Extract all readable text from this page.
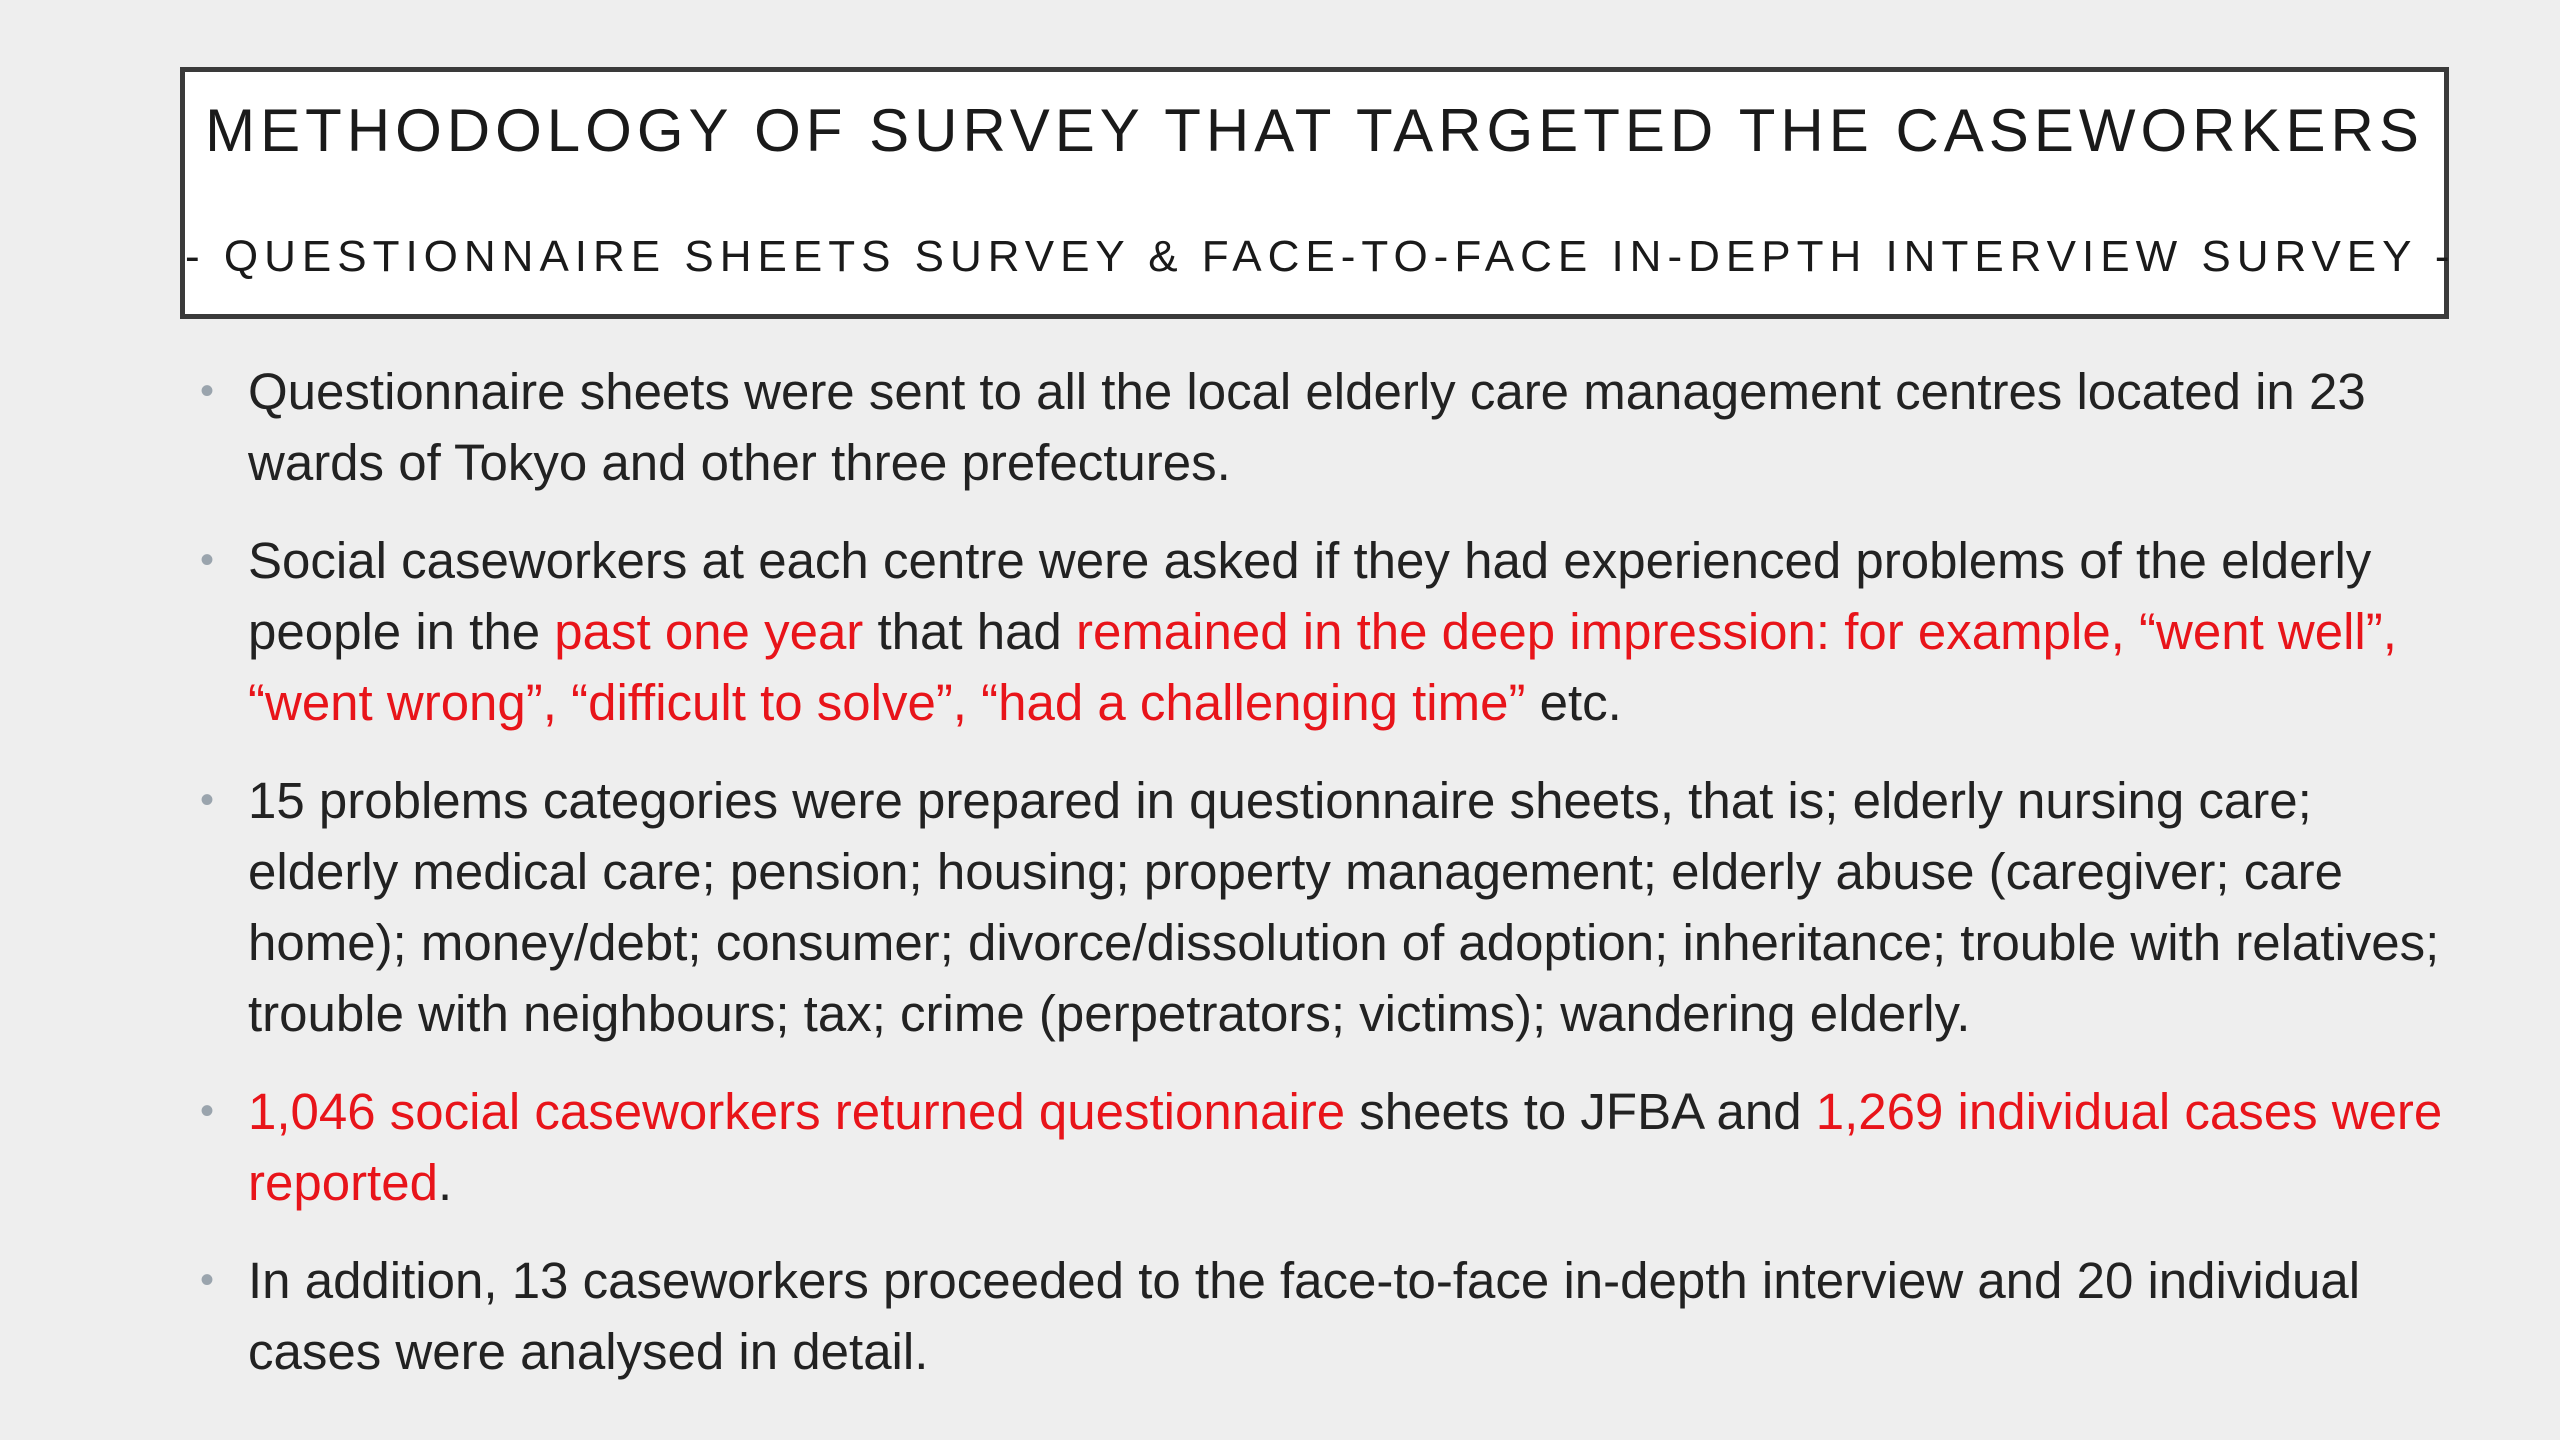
METHODOLOGY OF SURVEY THAT TARGETED THE CASEWORKERS
- QUESTIONNAIRE SHEETS SURVEY & FACE-TO-FACE IN-DEPTH INTERVIEW SURVEY -
• Questionnaire sheets were sent to all the local elderly care management centres located in 23 wards of Tokyo and other three prefectures.
• Social caseworkers at each centre were asked if they had experienced problems of the elderly people in the past one year that had remained in the deep impression: for example, “went well”, “went wrong”, “difficult to solve”, “had a challenging time” etc.
• 15 problems categories were prepared in questionnaire sheets, that is; elderly nursing care; elderly medical care; pension; housing; property management; elderly abuse (caregiver; care home); money/debt; consumer; divorce/dissolution of adoption; inheritance; trouble with relatives; trouble with neighbours; tax; crime (perpetrators; victims); wandering elderly.
• 1,046 social caseworkers returned questionnaire sheets to JFBA and 1,269 individual cases were reported.
• In addition, 13 caseworkers proceeded to the face-to-face in-depth interview and 20 individual cases were analysed in detail.
